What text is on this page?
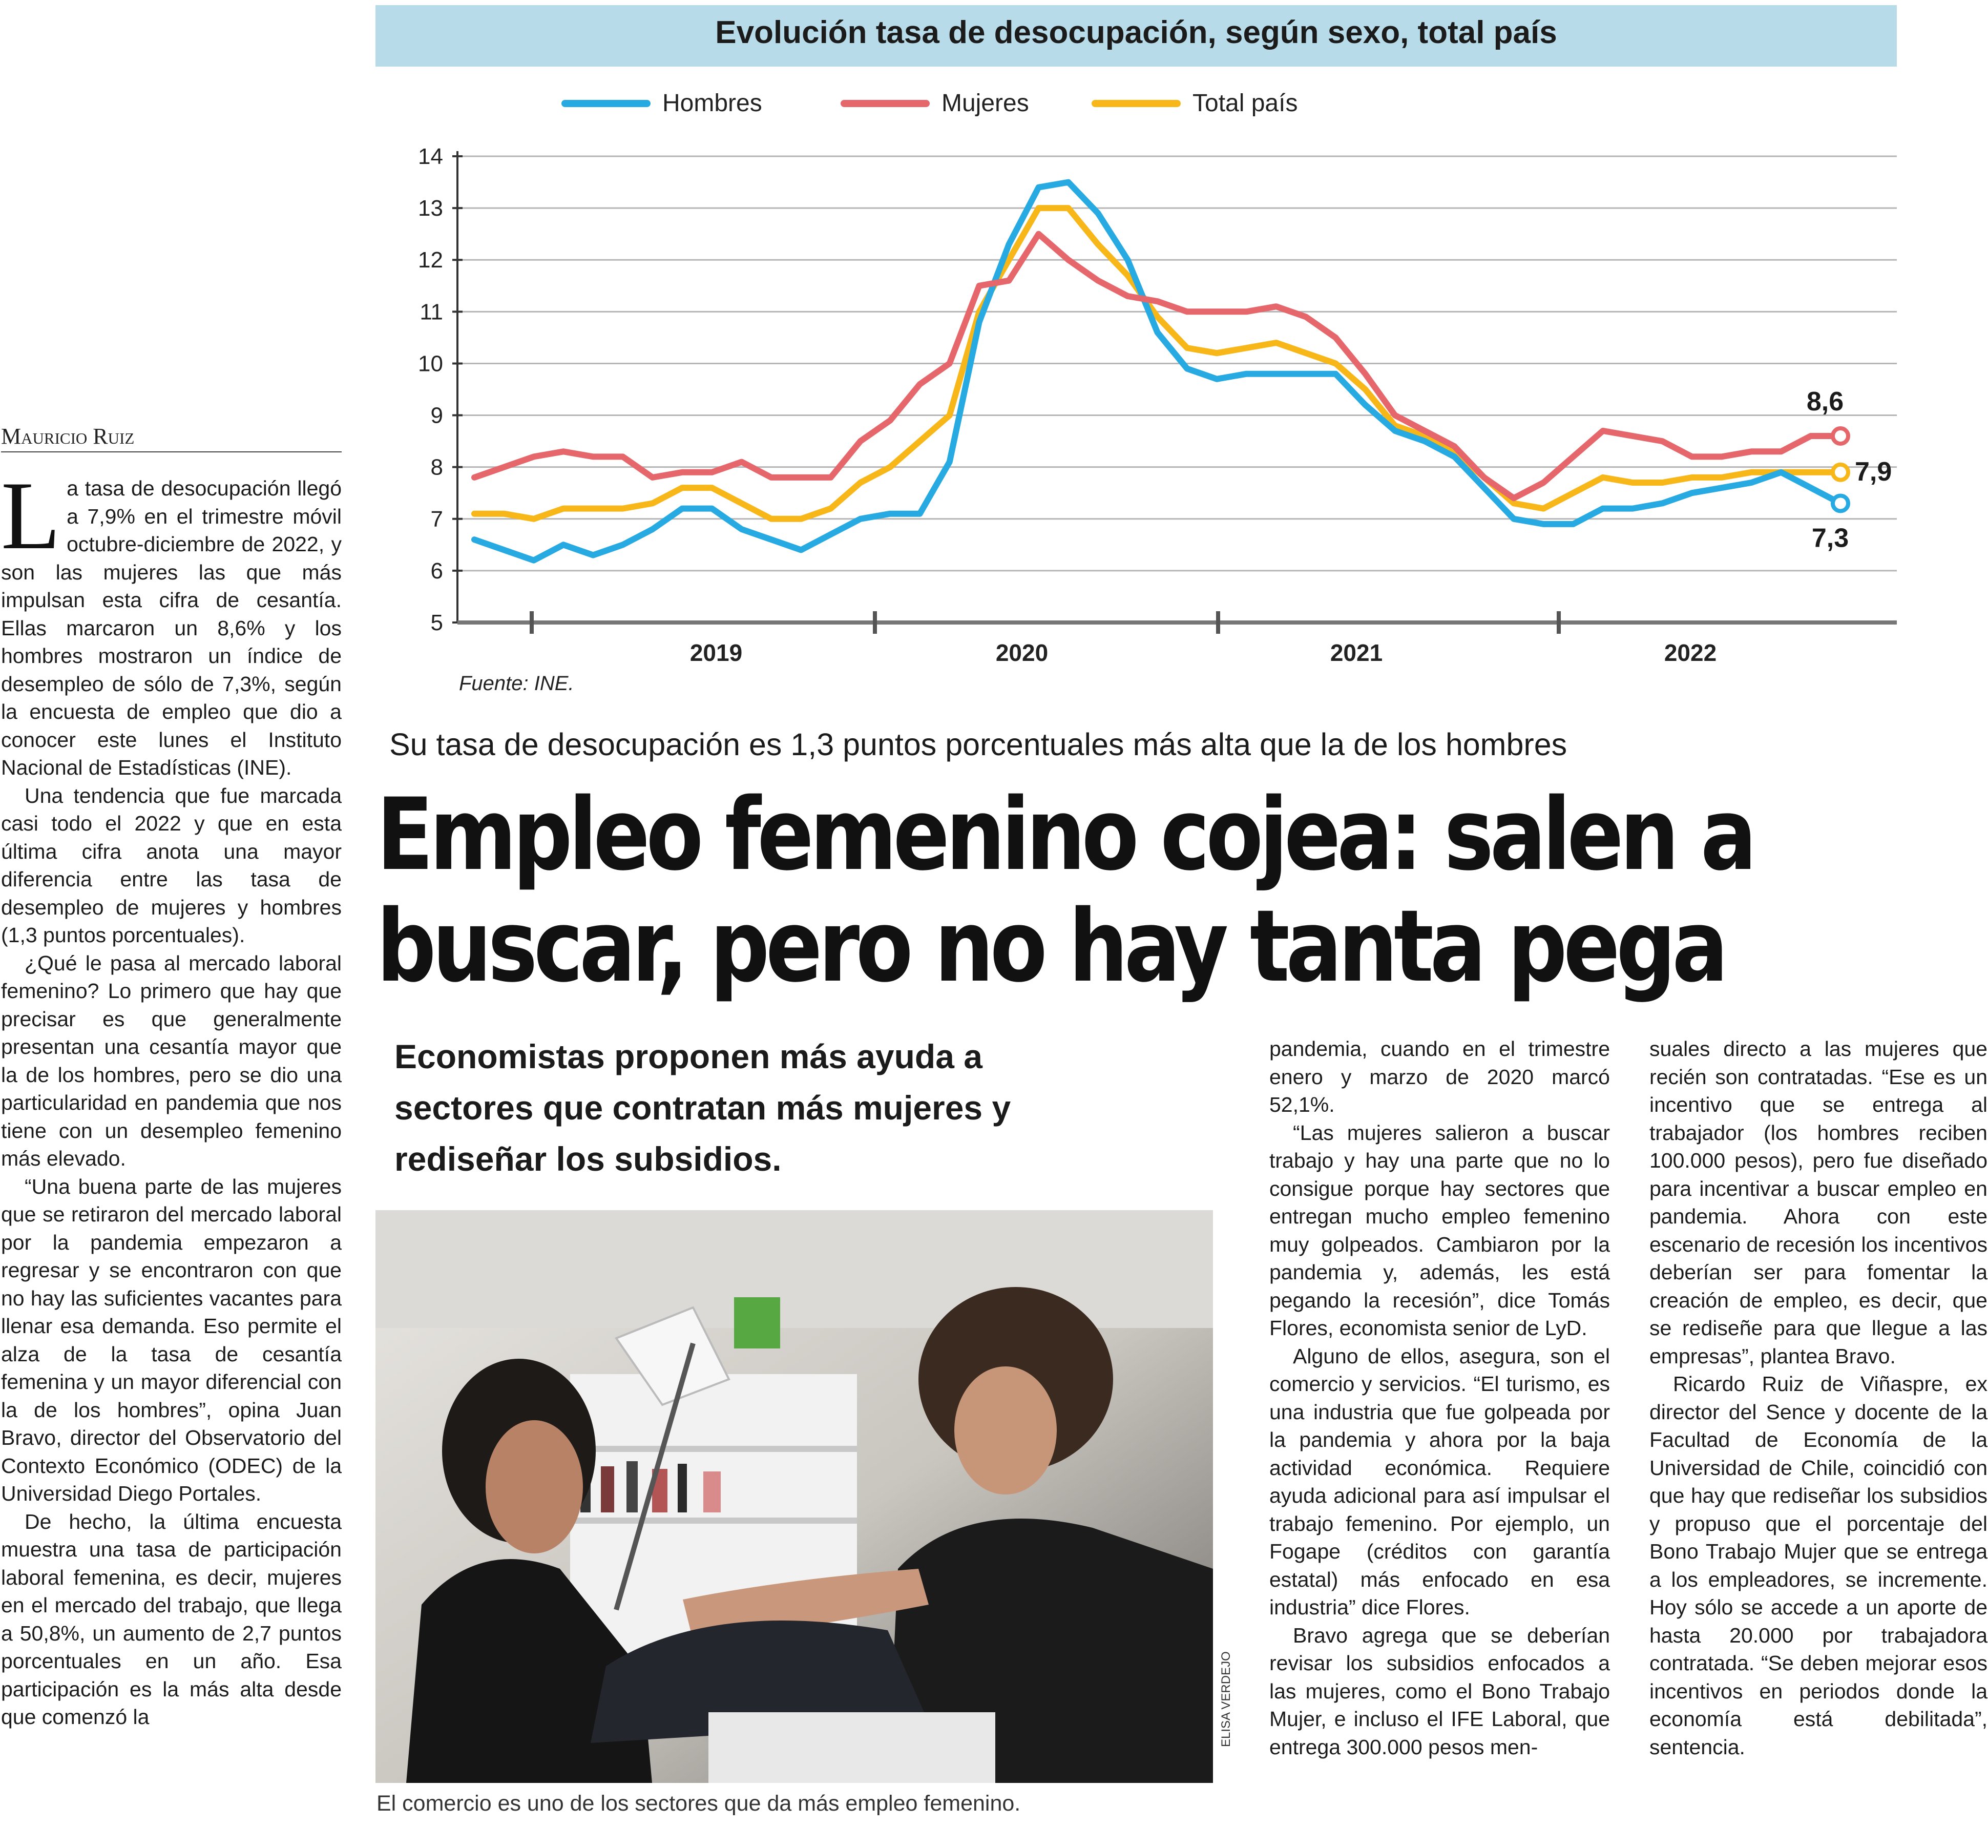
Evolución tasa de desocupación, según sexo, total país
Hombres	Mujeres	Total país
5
6
7
8
9
10
11
12
13
14
2019	2020	2021	2022
8,6
7,9
7,3
Fuente: INE.
Mauricio Ruiz

La tasa de desocupación llegó a 7,9% en el trimestre móvil octubre-diciembre de 2022, y son las mujeres las que más impulsan esta cifra de cesantía. Ellas marcaron un 8,6% y los hombres mostraron un índice de desempleo de sólo de 7,3%, según la encuesta de empleo que dio a conocer este lunes el Instituto Nacional de Estadísticas (INE).

Una tendencia que fue marcada casi todo el 2022 y que en esta última cifra anota una mayor diferencia entre las tasa de desempleo de mujeres y hombres (1,3 puntos porcentuales).

¿Qué le pasa al mercado laboral femenino? Lo primero que hay que precisar es que generalmente presentan una cesantía mayor que la de los hombres, pero se dio una particularidad en pandemia que nos tiene con un desempleo femenino más elevado.

“Una buena parte de las mujeres que se retiraron del mercado laboral por la pandemia empezaron a regresar y se encontraron con que no hay las suficientes vacantes para llenar esa demanda. Eso permite el alza de la tasa de cesantía femenina y un mayor diferencial con la de los hombres”, opina Juan Bravo, director del Observatorio del Contexto Económico (ODEC) de la Universidad Diego Portales.

De hecho, la última encuesta muestra una tasa de participación laboral femenina, es decir, mujeres en el mercado del trabajo, que llega a 50,8%, un aumento de 2,7 puntos porcentuales en un año. Esa participación es la más alta desde que comenzó la

Su tasa de desocupación es 1,3 puntos porcentuales más alta que la de los hombres
Empleo femenino cojea: salen a
buscar, pero no hay tanta pega
Economistas proponen más ayuda a sectores que contratan más mujeres y rediseñar los subsidios.
ELISA VERDEJO
El comercio es uno de los sectores que da más empleo femenino.

pandemia, cuando en el trimestre enero y marzo de 2020 marcó 52,1%.

“Las mujeres salieron a buscar trabajo y hay una parte que no lo consigue porque hay sectores que entregan mucho empleo femenino muy golpeados. Cambiaron por la pandemia y, además, les está pegando la recesión”, dice Tomás Flores, economista senior de LyD.

Alguno de ellos, asegura, son el comercio y servicios. “El turismo, es una industria que fue golpeada por la pandemia y ahora por la baja actividad económica. Requiere ayuda adicional para así impulsar el trabajo femenino. Por ejemplo, un Fogape (créditos con garantía estatal) más enfocado en esa industria” dice Flores.

Bravo agrega que se deberían revisar los subsidios enfocados a las mujeres, como el Bono Trabajo Mujer, e incluso el IFE Laboral, que entrega 300.000 pesos men-

suales directo a las mujeres que recién son contratadas. “Ese es un incentivo que se entrega al trabajador (los hombres reciben 100.000 pesos), pero fue diseñado para incentivar a buscar empleo en pandemia. Ahora con este escenario de recesión los incentivos deberían ser para fomentar la creación de empleo, es decir, que se rediseñe para que llegue a las empresas”, plantea Bravo.

Ricardo Ruiz de Viñaspre, ex director del Sence y docente de la Facultad de Economía de la Universidad de Chile, coincidió con que hay que rediseñar los subsidios y propuso que el porcentaje del Bono Trabajo Mujer que se entrega a los empleadores, se incremente. Hoy sólo se accede a un aporte de hasta 20.000 por trabajadora contratada. “Se deben mejorar esos incentivos en periodos donde la economía está debilitada”, sentencia.
